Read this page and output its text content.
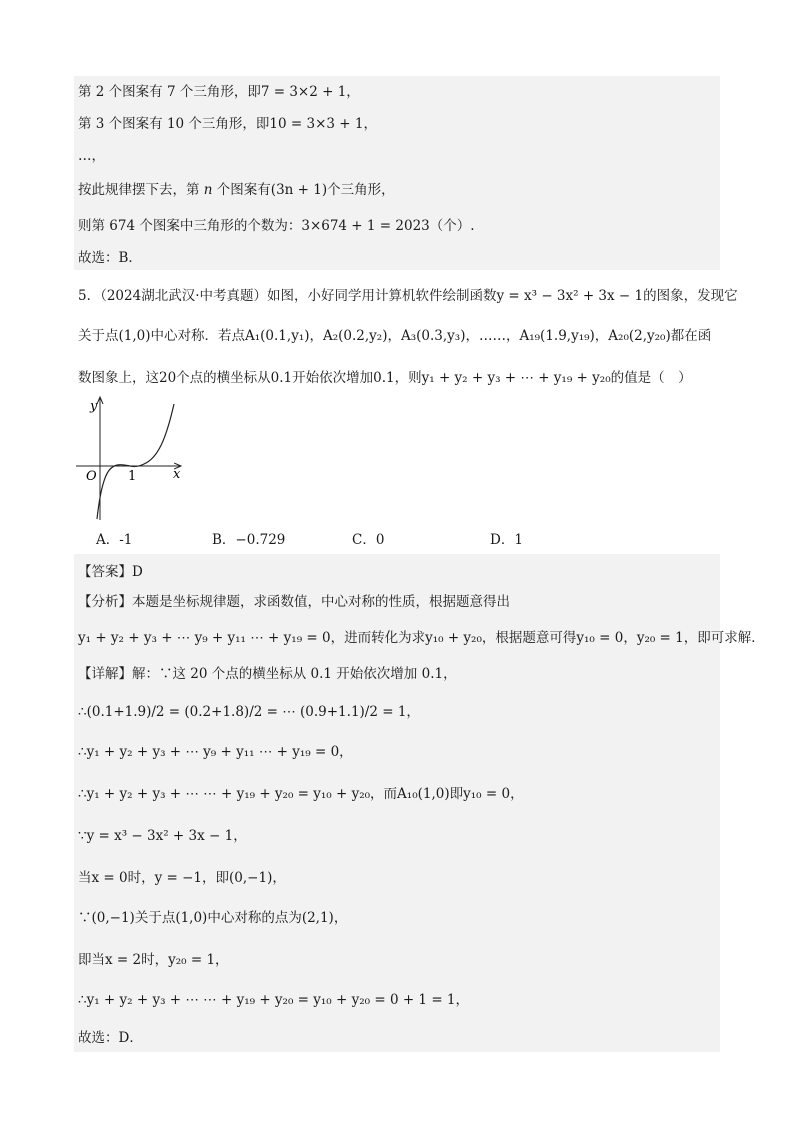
第 2 个图案有 7 个三角形，即7 = 3×2 + 1，
第 3 个图案有 10 个三角形，即10 = 3×3 + 1，
…，
按此规律摆下去，第 n 个图案有(3n + 1)个三角形，
则第 674 个图案中三角形的个数为：3×674 + 1 = 2023（个）.
故选：B．
5．（2024湖北武汉·中考真题）如图，小好同学用计算机软件绘制函数y = x³ − 3x² + 3x − 1的图象，发现它
关于点(1,0)中心对称．若点A₁(0.1,y₁)，A₂(0.2,y₂)，A₃(0.3,y₃)，……，A₁₉(1.9,y₁₉)，A₂₀(2,y₂₀)都在函
数图象上，这20个点的横坐标从0.1开始依次增加0.1，则y₁ + y₂ + y₃ + ⋯ + y₁₉ + y₂₀的值是（　）
y
x
O 1
A．-1	B．−0.729	C．0	D．1
【答案】D
【分析】本题是坐标规律题，求函数值，中心对称的性质，根据题意得出
y₁ + y₂ + y₃ + ⋯ y₉ + y₁₁ ⋯ + y₁₉ = 0，进而转化为求y₁₀ + y₂₀，根据题意可得y₁₀ = 0，y₂₀ = 1，即可求解．
【详解】解：∵这 20 个点的横坐标从 0.1 开始依次增加 0.1，
∴(0.1+1.9)/2 = (0.2+1.8)/2 = ⋯ (0.9+1.1)/2 = 1，
∴y₁ + y₂ + y₃ + ⋯ y₉ + y₁₁ ⋯ + y₁₉ = 0，
∴y₁ + y₂ + y₃ + ⋯ ⋯ + y₁₉ + y₂₀ = y₁₀ + y₂₀，而A₁₀(1,0)即y₁₀ = 0，
∵y = x³ − 3x² + 3x − 1，
当x = 0时，y = −1，即(0,−1)，
∵(0,−1)关于点(1,0)中心对称的点为(2,1)，
即当x = 2时，y₂₀ = 1，
∴y₁ + y₂ + y₃ + ⋯ ⋯ + y₁₉ + y₂₀ = y₁₀ + y₂₀ = 0 + 1 = 1，
故选：D．
